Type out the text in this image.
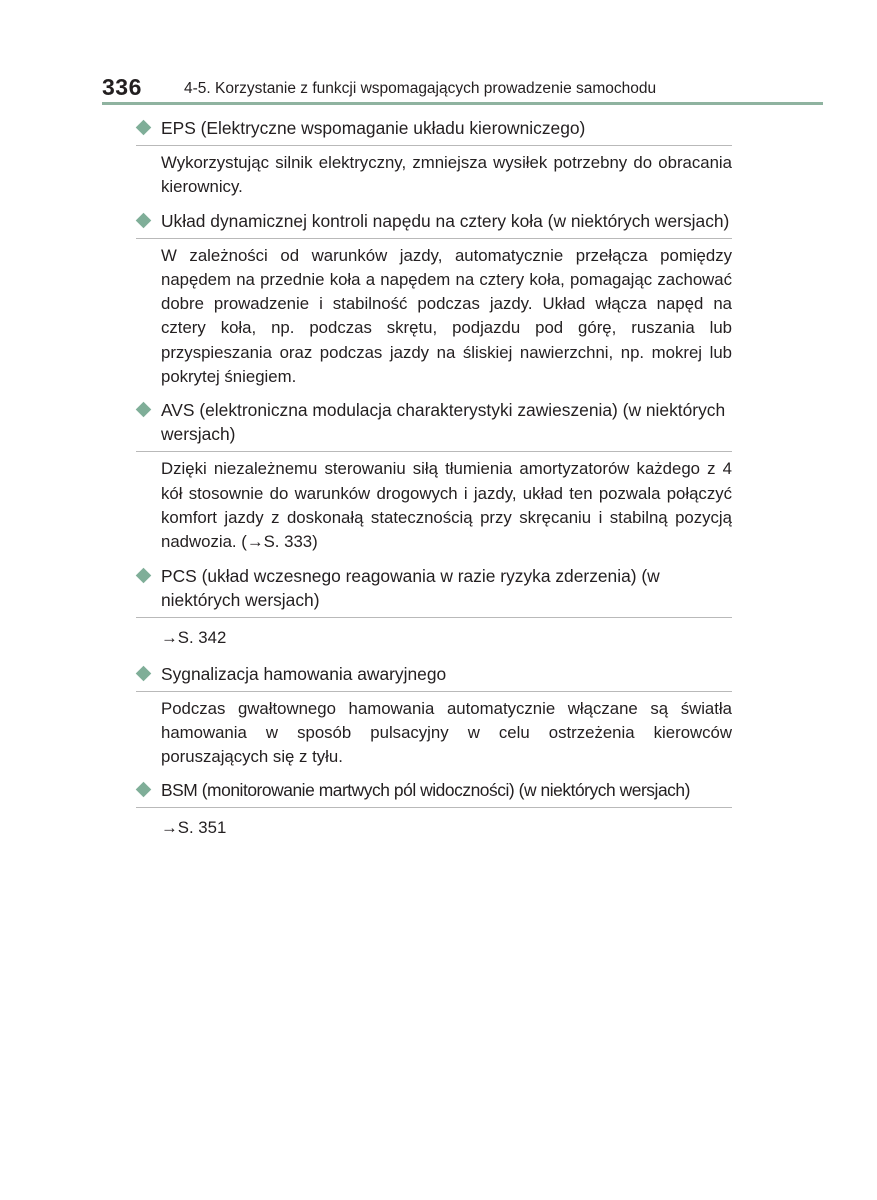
336	4-5. Korzystanie z funkcji wspomagających prowadzenie samochodu
EPS (Elektryczne wspomaganie układu kierowniczego)
Wykorzystując silnik elektryczny, zmniejsza wysiłek potrzebny do obracania kierownicy.
Układ dynamicznej kontroli napędu na cztery koła (w niektórych wersjach)
W zależności od warunków jazdy, automatycznie przełącza pomiędzy napędem na przednie koła a napędem na cztery koła, pomagając zachować dobre prowadzenie i stabilność podczas jazdy. Układ włącza napęd na cztery koła, np. podczas skrętu, podjazdu pod górę, ruszania lub przyspieszania oraz podczas jazdy na śliskiej nawierzchni, np. mokrej lub pokrytej śniegiem.
AVS (elektroniczna modulacja charakterystyki zawieszenia) (w niektórych wersjach)
Dzięki niezależnemu sterowaniu siłą tłumienia amortyzatorów każdego z 4 kół stosownie do warunków drogowych i jazdy, układ ten pozwala połączyć komfort jazdy z doskonałą statecznością przy skręcaniu i stabilną pozycją nadwozia. (→S. 333)
PCS (układ wczesnego reagowania w razie ryzyka zderzenia) (w niektórych wersjach)
→S. 342
Sygnalizacja hamowania awaryjnego
Podczas gwałtownego hamowania automatycznie włączane są światła hamowania w sposób pulsacyjny w celu ostrzeżenia kierowców poruszających się z tyłu.
BSM (monitorowanie martwych pól widoczności) (w niektórych wersjach)
→S. 351
